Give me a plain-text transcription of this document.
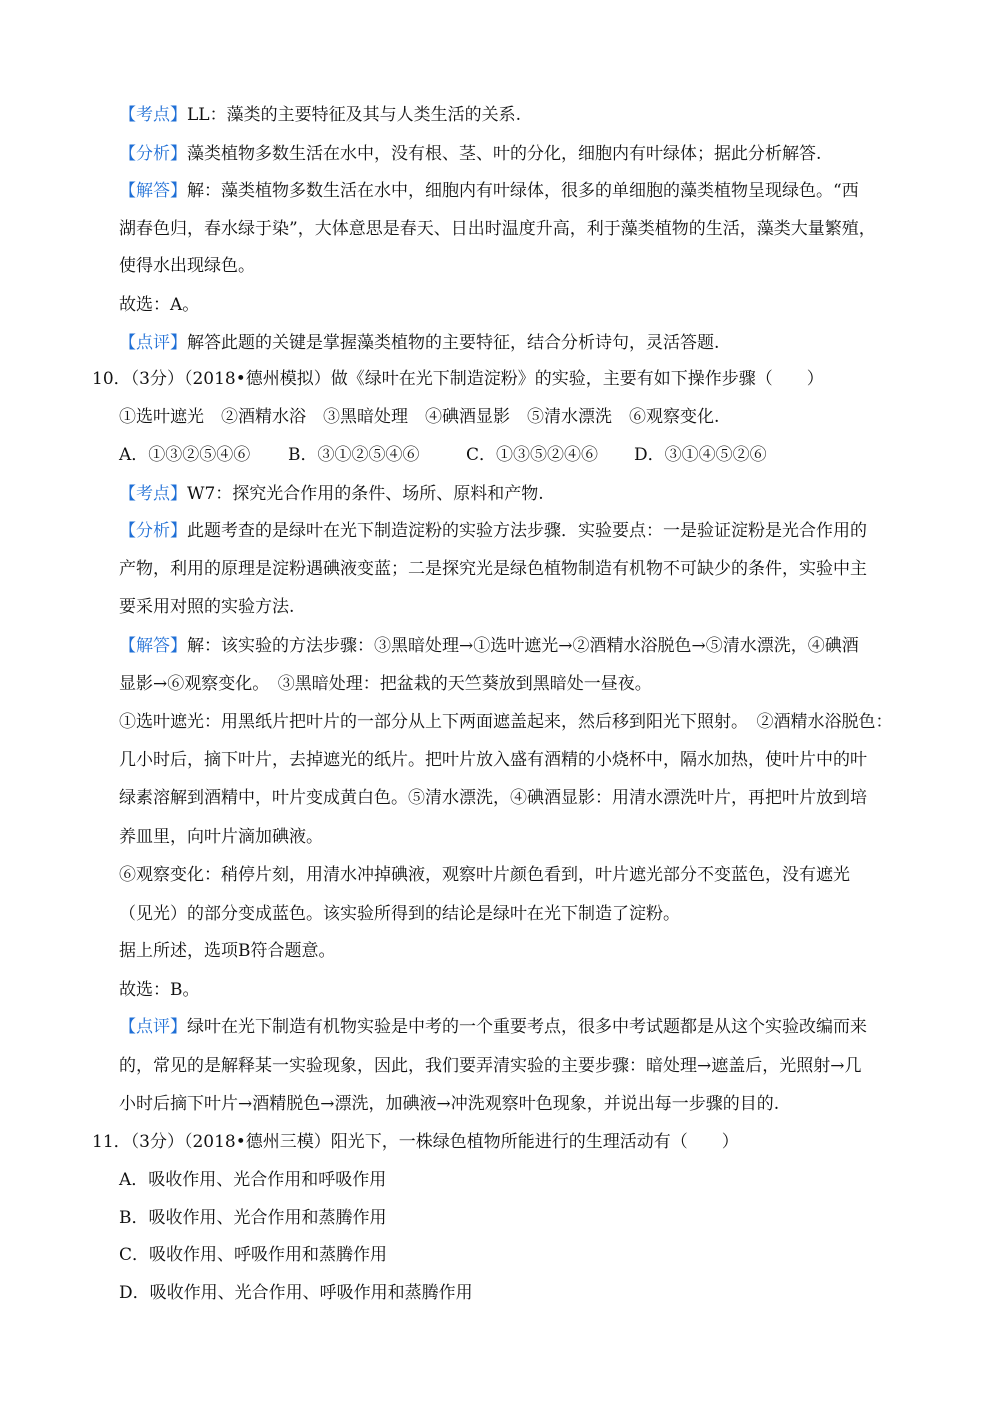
【考点】LL：藻类的主要特征及其与人类生活的关系.
【分析】藻类植物多数生活在水中，没有根、茎、叶的分化，细胞内有叶绿体；据此分析解答.
【解答】解：藻类植物多数生活在水中，细胞内有叶绿体，很多的单细胞的藻类植物呈现绿色。“西
湖春色归，春水绿于染”，大体意思是春天、日出时温度升高，利于藻类植物的生活，藻类大量繁殖，
使得水出现绿色。
故选：A。
【点评】解答此题的关键是掌握藻类植物的主要特征，结合分析诗句，灵活答题.
10．（3分）（2018•德州模拟）做《绿叶在光下制造淀粉》的实验，主要有如下操作步骤（　　）
①选叶遮光　②酒精水浴　③黑暗处理　④碘酒显影　⑤清水漂洗　⑥观察变化.
A．①③②⑤④⑥ B．③①②⑤④⑥	C．①③⑤②④⑥ D．③①④⑤②⑥
【考点】W7：探究光合作用的条件、场所、原料和产物.
【分析】此题考查的是绿叶在光下制造淀粉的实验方法步骤．实验要点：一是验证淀粉是光合作用的
产物，利用的原理是淀粉遇碘液变蓝；二是探究光是绿色植物制造有机物不可缺少的条件，实验中主
要采用对照的实验方法.
【解答】解：该实验的方法步骤：③黑暗处理→①选叶遮光→②酒精水浴脱色→⑤清水漂洗，④碘酒
显影→⑥观察变化。　③黑暗处理：把盆栽的天竺葵放到黑暗处一昼夜。
①选叶遮光：用黑纸片把叶片的一部分从上下两面遮盖起来，然后移到阳光下照射。　②酒精水浴脱色：
几小时后，摘下叶片，去掉遮光的纸片。把叶片放入盛有酒精的小烧杯中，隔水加热，使叶片中的叶
绿素溶解到酒精中，叶片变成黄白色。⑤清水漂洗，④碘酒显影：用清水漂洗叶片，再把叶片放到培
养皿里，向叶片滴加碘液。
⑥观察变化：稍停片刻，用清水冲掉碘液，观察叶片颜色看到，叶片遮光部分不变蓝色，没有遮光
（见光）的部分变成蓝色。该实验所得到的结论是绿叶在光下制造了淀粉。
据上所述，选项B符合题意。
故选：B。
【点评】绿叶在光下制造有机物实验是中考的一个重要考点，很多中考试题都是从这个实验改编而来
的，常见的是解释某一实验现象，因此，我们要弄清实验的主要步骤：暗处理→遮盖后，光照射→几
小时后摘下叶片→酒精脱色→漂洗，加碘液→冲洗观察叶色现象，并说出每一步骤的目的.
11．（3分）（2018•德州三模）阳光下，一株绿色植物所能进行的生理活动有（　　）
A．吸收作用、光合作用和呼吸作用
B．吸收作用、光合作用和蒸腾作用
C．吸收作用、呼吸作用和蒸腾作用
D．吸收作用、光合作用、呼吸作用和蒸腾作用
